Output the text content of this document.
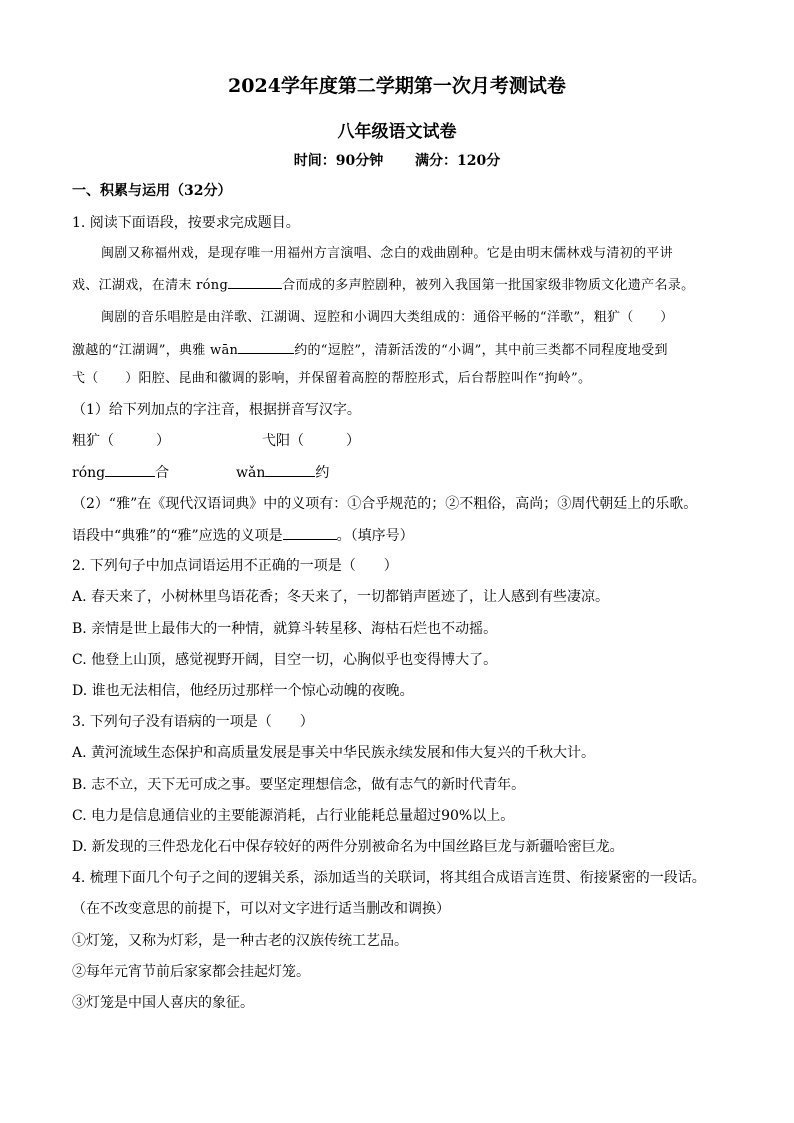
2024学年度第二学期第一次月考测试卷
八年级语文试卷
时间：90分钟 满分：120分
一、积累与运用（32分）
1. 阅读下面语段，按要求完成题目。
闽剧又称福州戏，是现存唯一用福州方言演唱、念白的戏曲剧种。它是由明末儒林戏与清初的平讲
戏、江湖戏，在清末 róng	合而成的多声腔剧种，被列入我国第一批国家级非物质文化遗产名录。
闽剧的音乐唱腔是由洋歌、江湖调、逗腔和小调四大类组成的：通俗平畅的“洋歌”，粗犷（　　）
激越的“江湖调”，典雅 wān	约的“逗腔”，清新活泼的“小调”，其中前三类都不同程度地受到
弋（　　）阳腔、昆曲和徽调的影响，并保留着高腔的帮腔形式，后台帮腔叫作“拘岭”。
（1）给下列加点的字注音，根据拼音写汉字。
粗犷（　　　）	弋阳（　　　）
róng	合	wǎn	约
（2）“雅”在《现代汉语词典》中的义项有：①合乎规范的；②不粗俗，高尚；③周代朝廷上的乐歌。
语段中“典雅”的“雅”应选的义项是	。（填序号）
2. 下列句子中加点词语运用不正确的一项是（　　）
A. 春天来了，小树林里鸟语花香；冬天来了，一切都销声匿迹了，让人感到有些凄凉。
B. 亲情是世上最伟大的一种情，就算斗转星移、海枯石烂也不动摇。
C. 他登上山顶，感觉视野开阔，目空一切，心胸似乎也变得博大了。
D. 谁也无法相信，他经历过那样一个惊心动魄的夜晚。
3. 下列句子没有语病的一项是（　　）
A. 黄河流域生态保护和高质量发展是事关中华民族永续发展和伟大复兴的千秋大计。
B. 志不立，天下无可成之事。要坚定理想信念，做有志气的新时代青年。
C. 电力是信息通信业的主要能源消耗，占行业能耗总量超过90%以上。
D. 新发现的三件恐龙化石中保存较好的两件分别被命名为中国丝路巨龙与新疆哈密巨龙。
4. 梳理下面几个句子之间的逻辑关系，添加适当的关联词，将其组合成语言连贯、衔接紧密的一段话。
（在不改变意思的前提下，可以对文字进行适当删改和调换）
①灯笼，又称为灯彩，是一种古老的汉族传统工艺品。
②每年元宵节前后家家都会挂起灯笼。
③灯笼是中国人喜庆的象征。
